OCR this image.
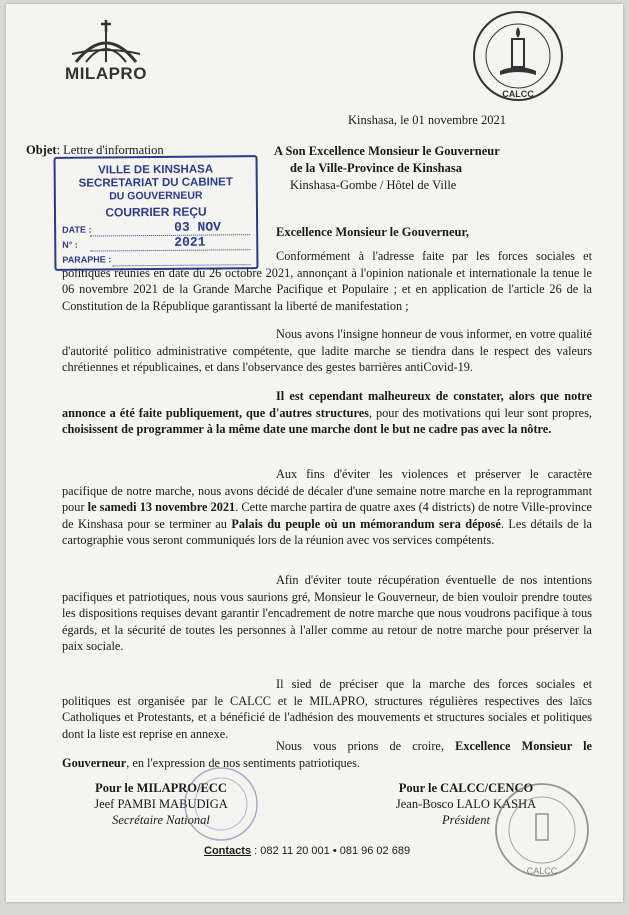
MILAPRO
CALCC
Kinshasa, le 01 novembre 2021
Objet: Lettre d'information	A Son Excellence Monsieur le Gouverneur
de la Ville-Province de Kinshasa
Kinshasa-Gombe / Hôtel de Ville
VILLE DE KINSHASA
SECRETARIAT DU CABINET
DU GOUVERNEUR
COURRIER REÇU
DATE :	03 NOV 2021
N° :
PARAPHE :
Excellence Monsieur le Gouverneur,
Conformément à l'adresse faite par les forces sociales et politiques réunies en date du 26 octobre 2021, annonçant à l'opinion nationale et internationale la tenue le 06 novembre 2021 de la Grande Marche Pacifique et Populaire ; et en application de l'article 26 de la Constitution de la République garantissant la liberté de manifestation ;
Nous avons l'insigne honneur de vous informer, en votre qualité d'autorité politico administrative compétente, que ladite marche se tiendra dans le respect des valeurs chrétiennes et républicaines, et dans l'observance des gestes barrières antiCovid-19.
Il est cependant malheureux de constater, alors que notre annonce a été faite publiquement, que d'autres structures, pour des motivations qui leur sont propres, choisissent de programmer à la même date une marche dont le but ne cadre pas avec la nôtre.
Aux fins d'éviter les violences et préserver le caractère pacifique de notre marche, nous avons décidé de décaler d'une semaine notre marche en la reprogrammant pour le samedi 13 novembre 2021. Cette marche partira de quatre axes (4 districts) de notre Ville-province de Kinshasa pour se terminer au Palais du peuple où un mémorandum sera déposé. Les détails de la cartographie vous seront communiqués lors de la réunion avec vos services compétents.
Afin d'éviter toute récupération éventuelle de nos intentions pacifiques et patriotiques, nous vous saurions gré, Monsieur le Gouverneur, de bien vouloir prendre toutes les dispositions requises devant garantir l'encadrement de notre marche que nous voudrons pacifique à tous égards, et la sécurité de toutes les personnes à l'aller comme au retour de notre marche pour préserver la paix sociale.
Il sied de préciser que la marche des forces sociales et politiques est organisée par le CALCC et le MILAPRO, structures régulières respectives des laïcs Catholiques et Protestants, et a bénéficié de l'adhésion des mouvements et structures sociales et politiques dont la liste est reprise en annexe.
Nous vous prions de croire, Excellence Monsieur le Gouverneur, en l'expression de nos sentiments patriotiques.
Pour le MILAPRO/ECC
Jeef PAMBI MABUDIGA
Secrétaire National
Pour le CALCC/CENCO
Jean-Bosco LALO KASHA
Président
CALCC
Contacts : 082 11 20 001 • 081 96 02 689
